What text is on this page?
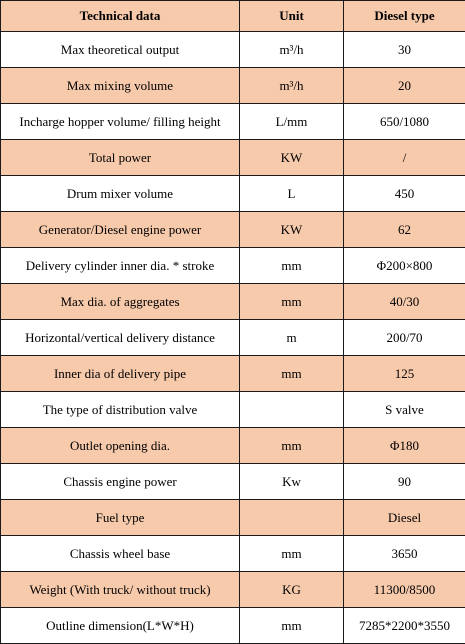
Technical data	Unit	Diesel type
Max theoretical output	m³/h	30
Max mixing volume	m³/h	20
Incharge hopper volume/ filling height	L/mm	650/1080
Total power	KW	/
Drum mixer volume	L	450
Generator/Diesel engine power	KW	62
Delivery cylinder inner dia. * stroke	mm	Φ200×800
Max dia. of aggregates	mm	40/30
Horizontal/vertical delivery distance	m	200/70
Inner dia of delivery pipe	mm	125
The type of distribution valve		S valve
Outlet opening dia.	mm	Φ180
Chassis engine power	Kw	90
Fuel type		Diesel
Chassis wheel base	mm	3650
Weight (With truck/ without truck)	KG	11300/8500
Outline dimension(L*W*H)	mm	7285*2200*3550
